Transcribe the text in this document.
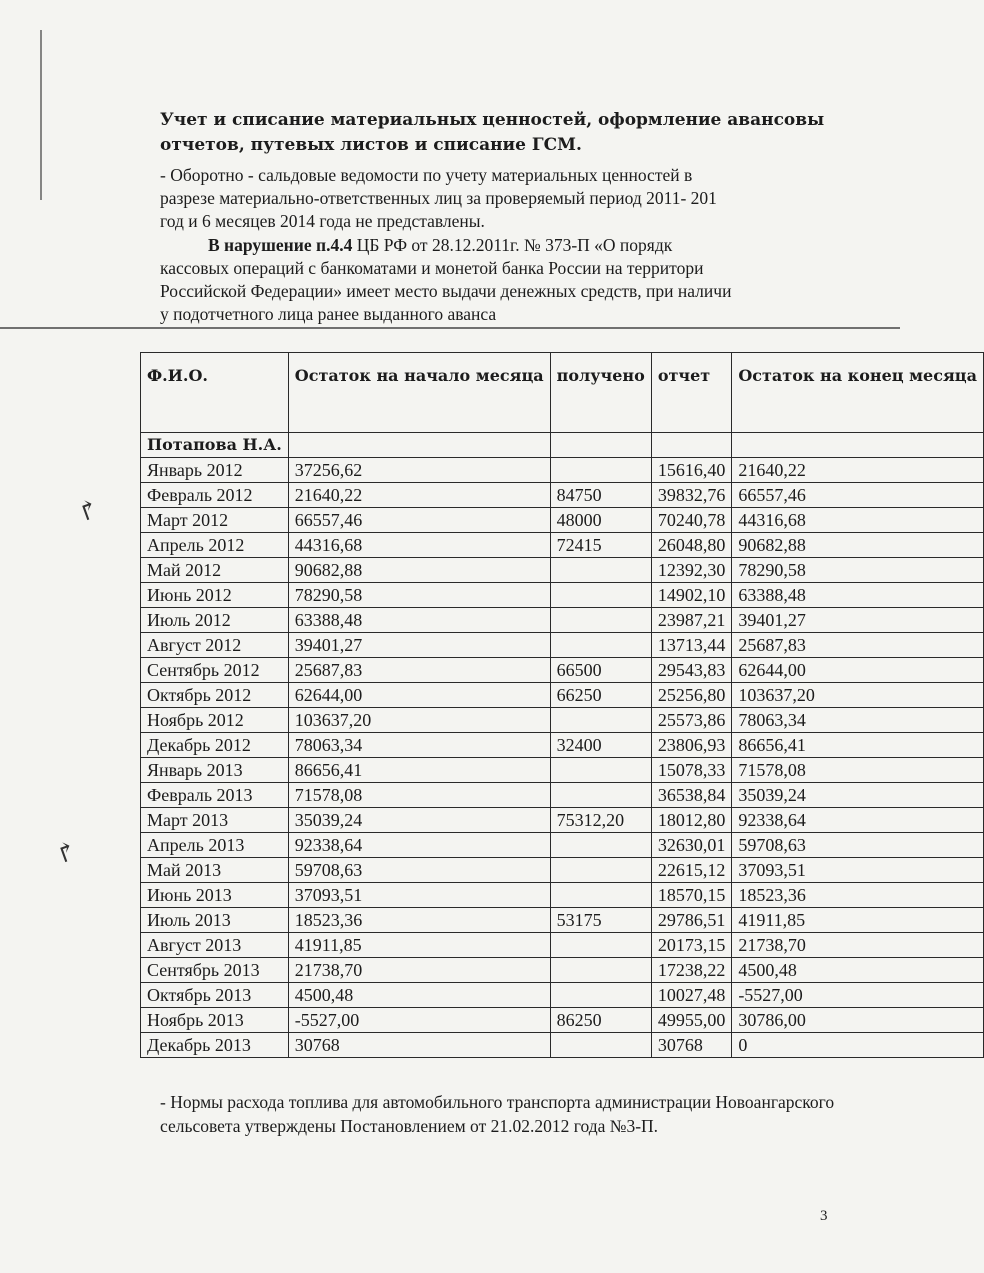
Учет и списание материальных ценностей, оформление авансовы
отчетов, путевых листов и списание ГСМ.
- Оборотно - сальдовые ведомости по учету материальных ценностей в
разрезе материально-ответственных лиц за проверяемый период 2011- 201
год и 6 месяцев 2014 года не представлены.
В нарушение п.4.4 ЦБ РФ от 28.12.2011г. № 373-П «О порядк
кассовых операций с банкоматами и монетой банка России на территори
Российской Федерации» имеет место выдачи денежных средств, при наличи
у подотчетного лица ранее выданного аванса
Ф.И.О.	Остаток на начало месяца	получено	отчет	Остаток на конец месяца
Потапова Н.А.				
Январь 2012	37256,62		15616,40	21640,22
Февраль 2012	21640,22	84750	39832,76	66557,46
Март 2012	66557,46	48000	70240,78	44316,68
Апрель 2012	44316,68	72415	26048,80	90682,88
Май 2012	90682,88		12392,30	78290,58
Июнь 2012	78290,58		14902,10	63388,48
Июль 2012	63388,48		23987,21	39401,27
Август 2012	39401,27		13713,44	25687,83
Сентябрь 2012	25687,83	66500	29543,83	62644,00
Октябрь 2012	62644,00	66250	25256,80	103637,20
Ноябрь 2012	103637,20		25573,86	78063,34
Декабрь 2012	78063,34	32400	23806,93	86656,41
Январь 2013	86656,41		15078,33	71578,08
Февраль 2013	71578,08		36538,84	35039,24
Март 2013	35039,24	75312,20	18012,80	92338,64
Апрель 2013	92338,64		32630,01	59708,63
Май 2013	59708,63		22615,12	37093,51
Июнь 2013	37093,51		18570,15	18523,36
Июль 2013	18523,36	53175	29786,51	41911,85
Август 2013	41911,85		20173,15	21738,70
Сентябрь 2013	21738,70		17238,22	4500,48
Октябрь 2013	4500,48		10027,48	-5527,00
Ноябрь 2013	-5527,00	86250	49955,00	30786,00
Декабрь 2013	30768		30768	0
- Нормы расхода топлива для автомобильного транспорта администрации Новоангарского сельсовета утверждены Постановлением от 21.02.2012 года №3-П.
3
↱
↱
